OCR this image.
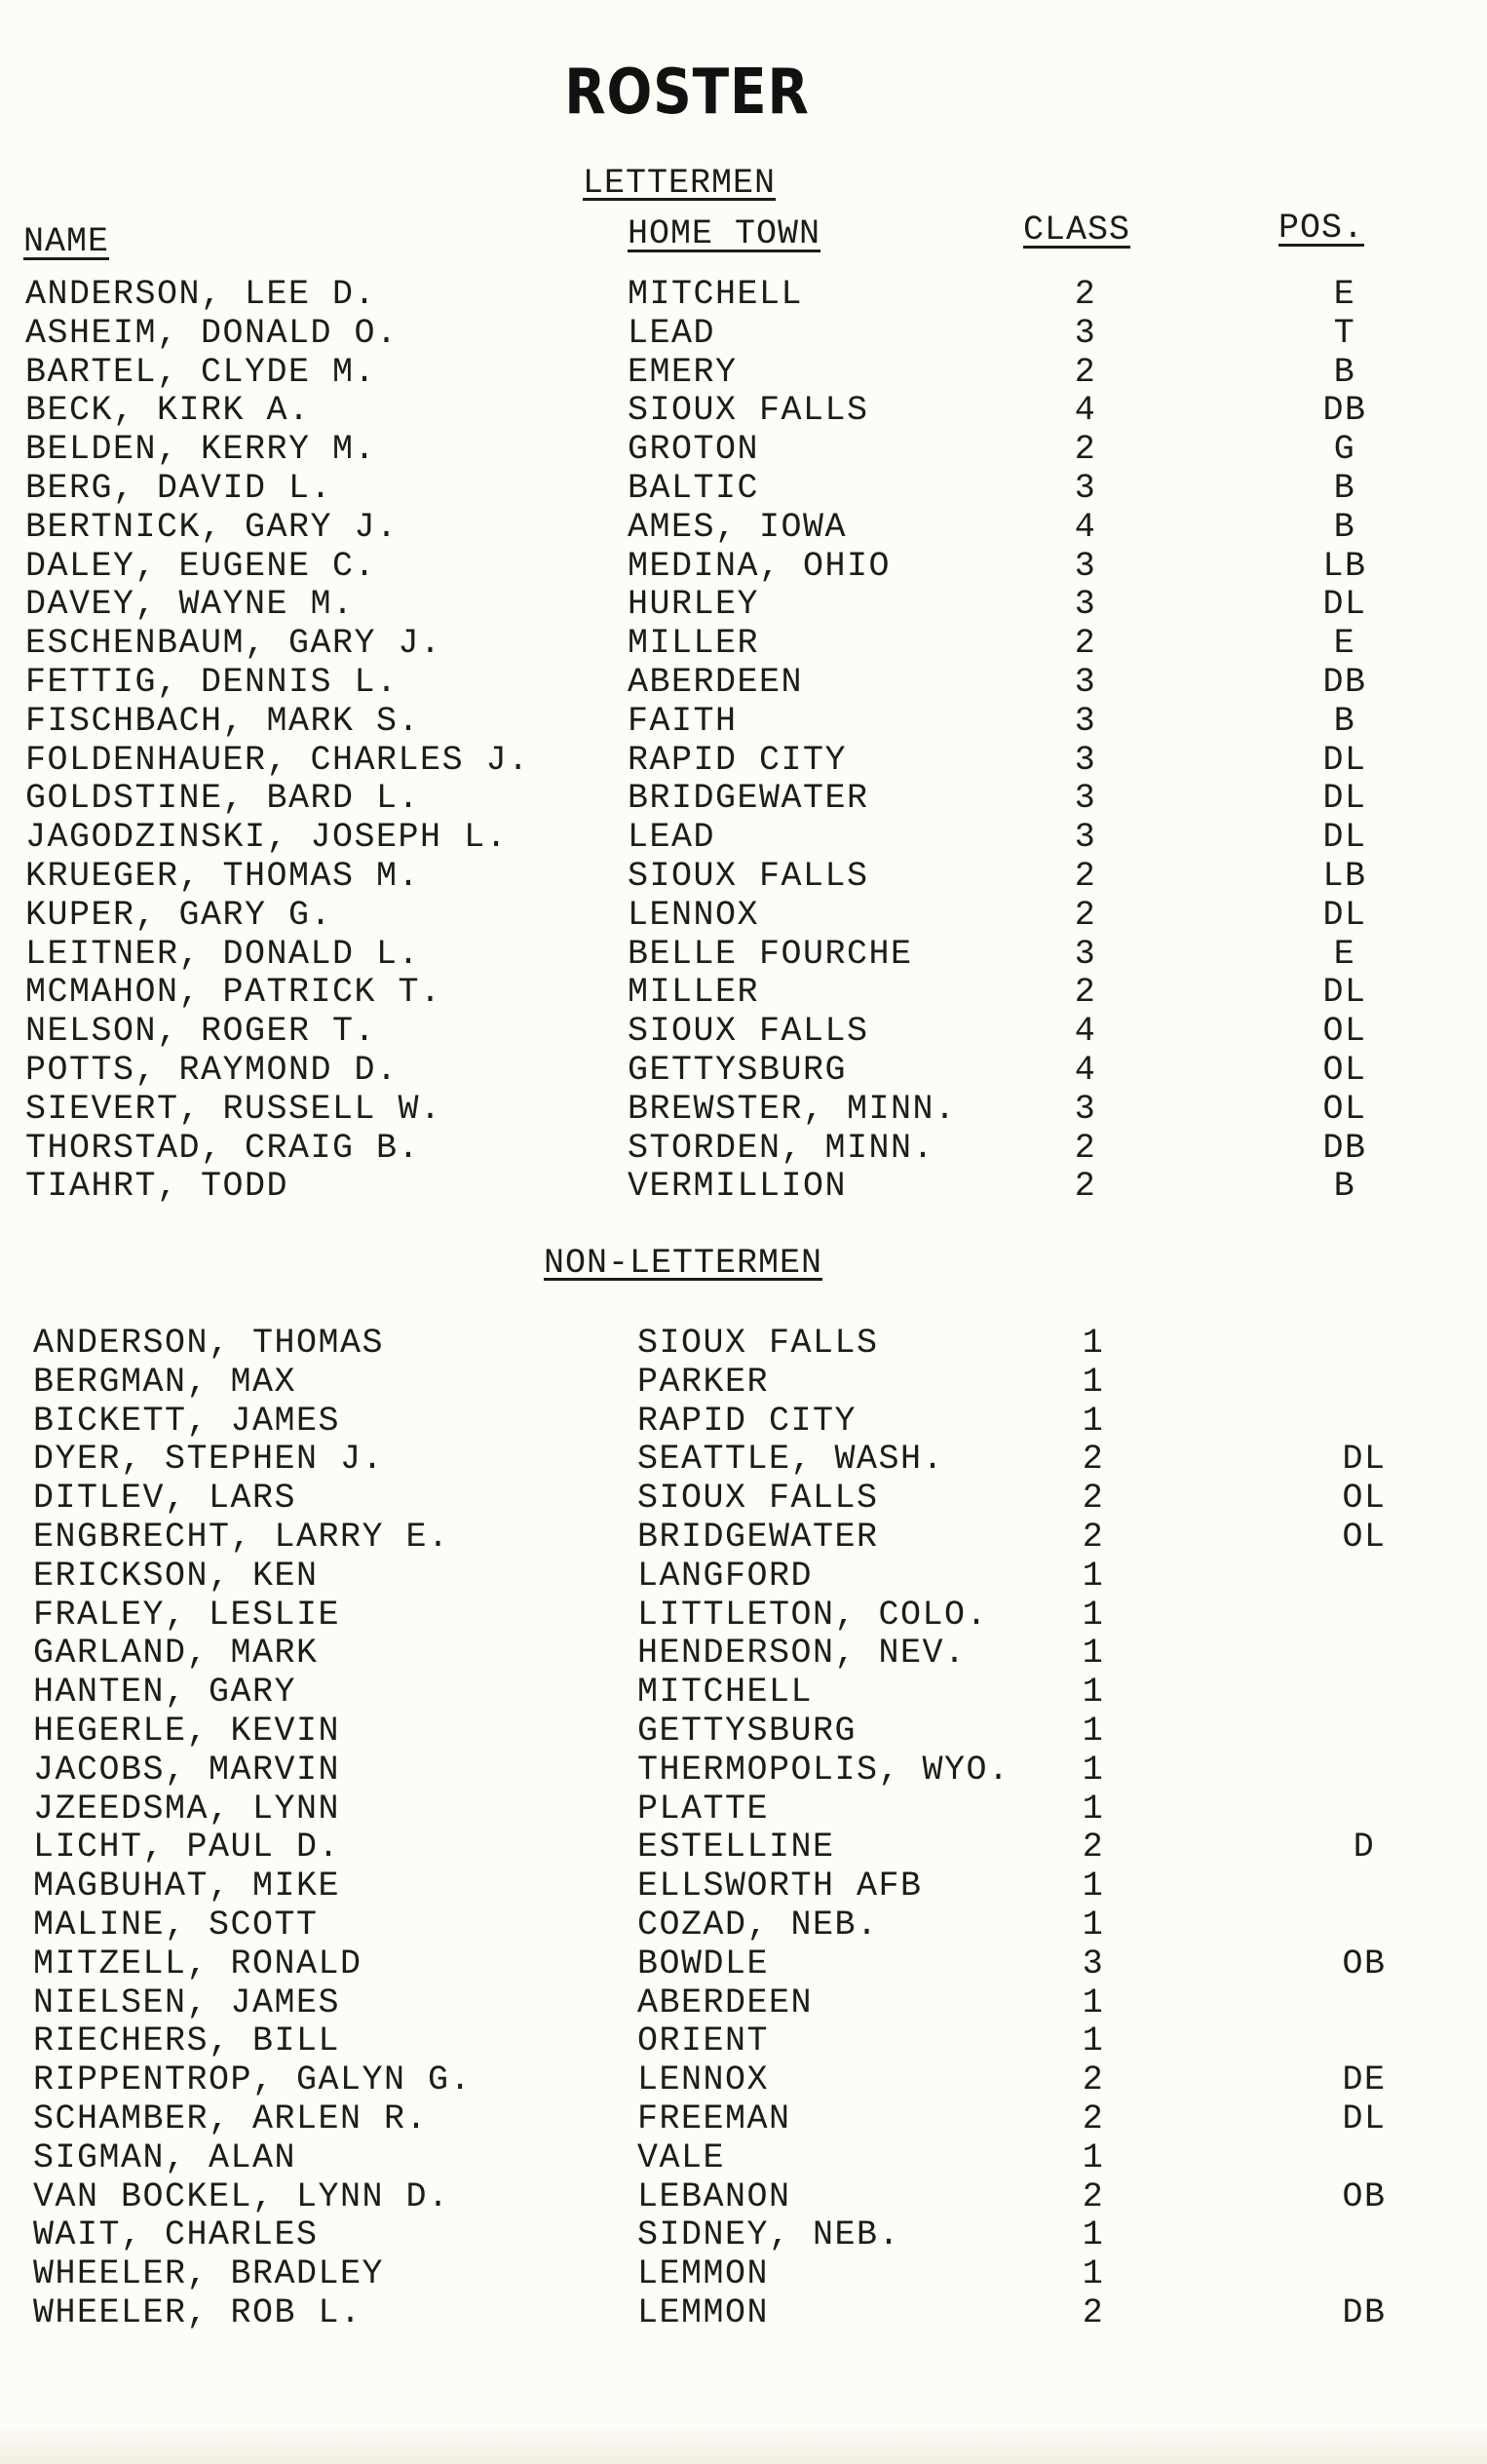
ROSTER
LETTERMEN
NAME	HOME TOWN	CLASS	POS.
ANDERSON, LEE D.	MITCHELL	2	E
ASHEIM, DONALD O.	LEAD	3	T
BARTEL, CLYDE M.	EMERY	2	B
BECK, KIRK A.	SIOUX FALLS	4	DB
BELDEN, KERRY M.	GROTON	2	G
BERG, DAVID L.	BALTIC	3	B
BERTNICK, GARY J.	AMES, IOWA	4	B
DALEY, EUGENE C.	MEDINA, OHIO	3	LB
DAVEY, WAYNE M.	HURLEY	3	DL
ESCHENBAUM, GARY J.	MILLER	2	E
FETTIG, DENNIS L.	ABERDEEN	3	DB
FISCHBACH, MARK S.	FAITH	3	B
FOLDENHAUER, CHARLES J.	RAPID CITY	3	DL
GOLDSTINE, BARD L.	BRIDGEWATER	3	DL
JAGODZINSKI, JOSEPH L.	LEAD	3	DL
KRUEGER, THOMAS M.	SIOUX FALLS	2	LB
KUPER, GARY G.	LENNOX	2	DL
LEITNER, DONALD L.	BELLE FOURCHE	3	E
MCMAHON, PATRICK T.	MILLER	2	DL
NELSON, ROGER T.	SIOUX FALLS	4	OL
POTTS, RAYMOND D.	GETTYSBURG	4	OL
SIEVERT, RUSSELL W.	BREWSTER, MINN.	3	OL
THORSTAD, CRAIG B.	STORDEN, MINN.	2	DB
TIAHRT, TODD	VERMILLION	2	B
NON-LETTERMEN
ANDERSON, THOMAS	SIOUX FALLS	1
BERGMAN, MAX	PARKER	1
BICKETT, JAMES	RAPID CITY	1
DYER, STEPHEN J.	SEATTLE, WASH.	2	DL
DITLEV, LARS	SIOUX FALLS	2	OL
ENGBRECHT, LARRY E.	BRIDGEWATER	2	OL
ERICKSON, KEN	LANGFORD	1
FRALEY, LESLIE	LITTLETON, COLO.	1
GARLAND, MARK	HENDERSON, NEV.	1
HANTEN, GARY	MITCHELL	1
HEGERLE, KEVIN	GETTYSBURG	1
JACOBS, MARVIN	THERMOPOLIS, WYO. 1
JZEEDSMA, LYNN	PLATTE	1
LICHT, PAUL D.	ESTELLINE	2	D
MAGBUHAT, MIKE	ELLSWORTH AFB	1
MALINE, SCOTT	COZAD, NEB.	1
MITZELL, RONALD	BOWDLE	3	OB
NIELSEN, JAMES	ABERDEEN	1
RIECHERS, BILL	ORIENT	1
RIPPENTROP, GALYN G.	LENNOX	2	DE
SCHAMBER, ARLEN R.	FREEMAN	2	DL
SIGMAN, ALAN	VALE	1
VAN BOCKEL, LYNN D.	LEBANON	2	OB
WAIT, CHARLES	SIDNEY, NEB.	1
WHEELER, BRADLEY	LEMMON	1
WHEELER, ROB L.	LEMMON	2	DB
